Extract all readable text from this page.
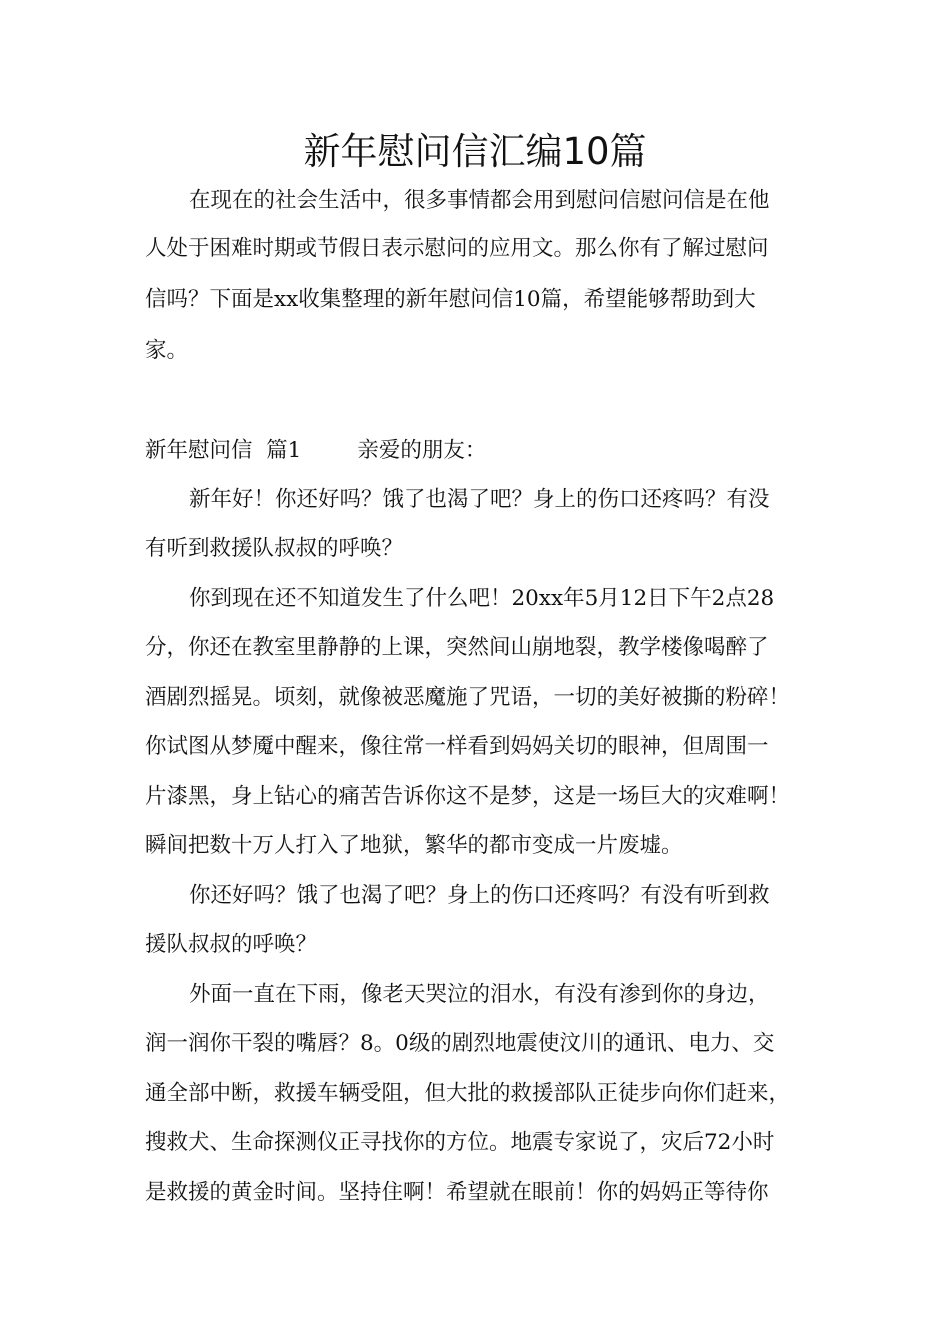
新年慰问信汇编10篇
在现在的社会生活中，很多事情都会用到慰问信慰问信是在他
人处于困难时期或节假日表示慰问的应用文。那么你有了解过慰问
信吗？下面是xx收集整理的新年慰问信10篇，希望能够帮助到大
家。
新年慰问信  篇1	亲爱的朋友：
新年好！你还好吗？饿了也渴了吧？身上的伤口还疼吗？有没
有听到救援队叔叔的呼唤？
你到现在还不知道发生了什么吧！20xx年5月12日下午2点28
分，你还在教室里静静的上课，突然间山崩地裂，教学楼像喝醉了
酒剧烈摇晃。顷刻，就像被恶魔施了咒语，一切的美好被撕的粉碎！
你试图从梦魇中醒来，像往常一样看到妈妈关切的眼神，但周围一
片漆黑，身上钻心的痛苦告诉你这不是梦，这是一场巨大的灾难啊！
瞬间把数十万人打入了地狱，繁华的都市变成一片废墟。
你还好吗？饿了也渴了吧？身上的伤口还疼吗？有没有听到救
援队叔叔的呼唤？
外面一直在下雨，像老天哭泣的泪水，有没有渗到你的身边，
润一润你干裂的嘴唇？8。0级的剧烈地震使汶川的通讯、电力、交
通全部中断，救援车辆受阻，但大批的救援部队正徒步向你们赶来，
搜救犬、生命探测仪正寻找你的方位。地震专家说了，灾后72小时
是救援的黄金时间。坚持住啊！希望就在眼前！你的妈妈正等待你
